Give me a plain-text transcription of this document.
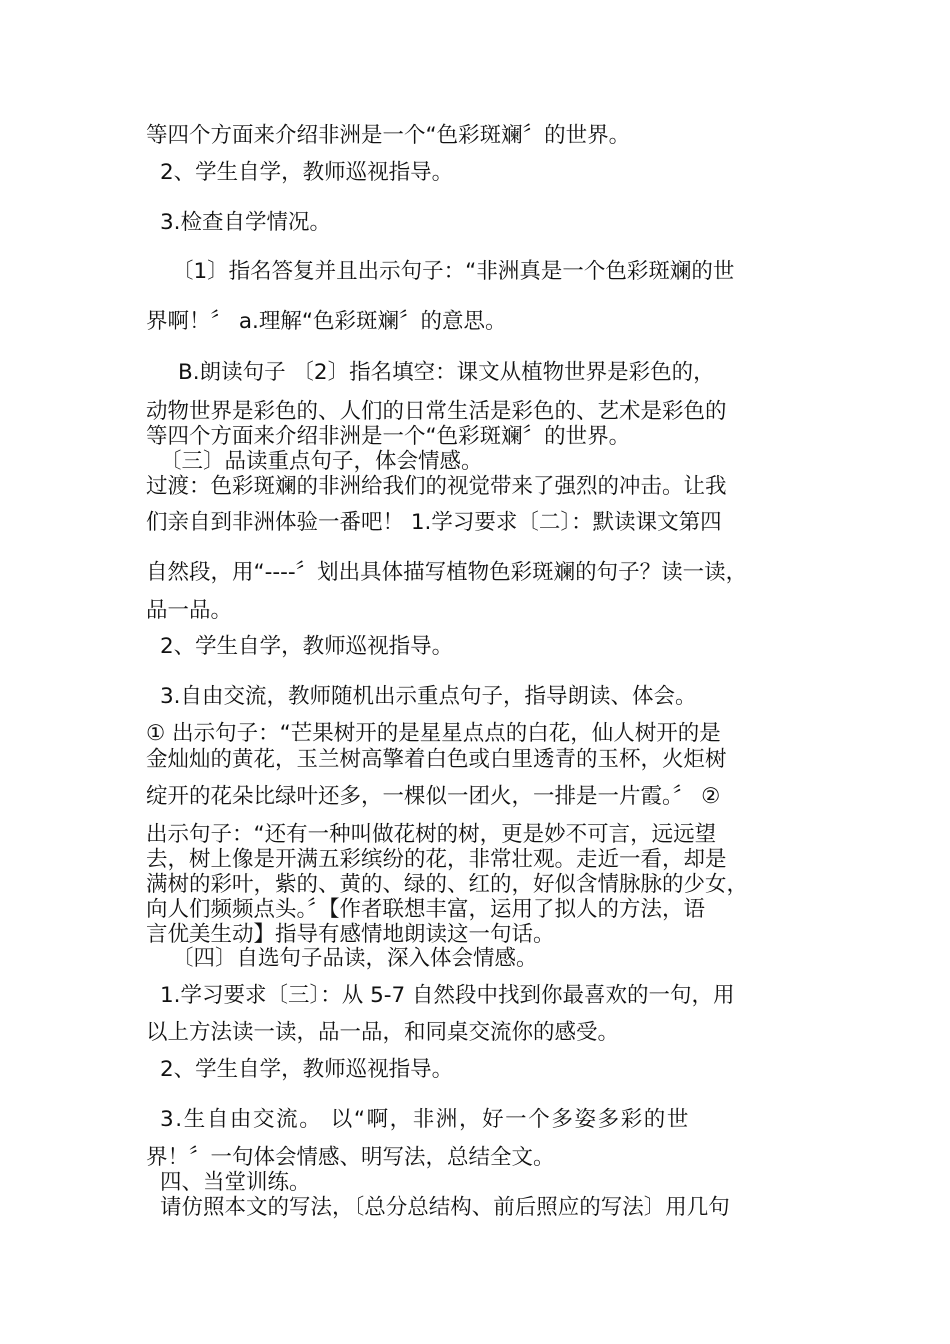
等四个方面来介绍非洲是一个“色彩斑斓〞的世界。
2、学生自学，教师巡视指导。
3.检查自学情况。
〔1〕指名答复并且出示句子：“非洲真是一个色彩斑斓的世
界啊！〞 a.理解“色彩斑斓〞的意思。
B.朗读句子 〔2〕指名填空：课文从植物世界是彩色的，
动物世界是彩色的、人们的日常生活是彩色的、艺术是彩色的
等四个方面来介绍非洲是一个“色彩斑斓〞的世界。
〔三〕品读重点句子，体会情感。
过渡：色彩斑斓的非洲给我们的视觉带来了强烈的冲击。让我
们亲自到非洲体验一番吧！ 1.学习要求〔二〕：默读课文第四
自然段，用“----〞划出具体描写植物色彩斑斓的句子？读一读，
品一品。
2、学生自学，教师巡视指导。
3.自由交流，教师随机出示重点句子，指导朗读、体会。
① 出示句子：“芒果树开的是星星点点的白花，仙人树开的是
金灿灿的黄花，玉兰树高擎着白色或白里透青的玉杯，火炬树
绽开的花朵比绿叶还多，一棵似一团火，一排是一片霞。〞 ②
出示句子：“还有一种叫做花树的树，更是妙不可言，远远望
去，树上像是开满五彩缤纷的花，非常壮观。走近一看，却是
满树的彩叶，紫的、黄的、绿的、红的，好似含情脉脉的少女，
向人们频频点头。〞【作者联想丰富，运用了拟人的方法，语
言优美生动】指导有感情地朗读这一句话。
〔四〕自选句子品读，深入体会情感。
1.学习要求〔三〕：从 5-7 自然段中找到你最喜欢的一句，用
以上方法读一读，品一品，和同桌交流你的感受。
2、学生自学，教师巡视指导。
3.生自由交流。 以“啊，非洲，好一个多姿多彩的世
界！〞一句体会情感、明写法，总结全文。
四、当堂训练。
请仿照本文的写法，〔总分总结构、前后照应的写法〕用几句
